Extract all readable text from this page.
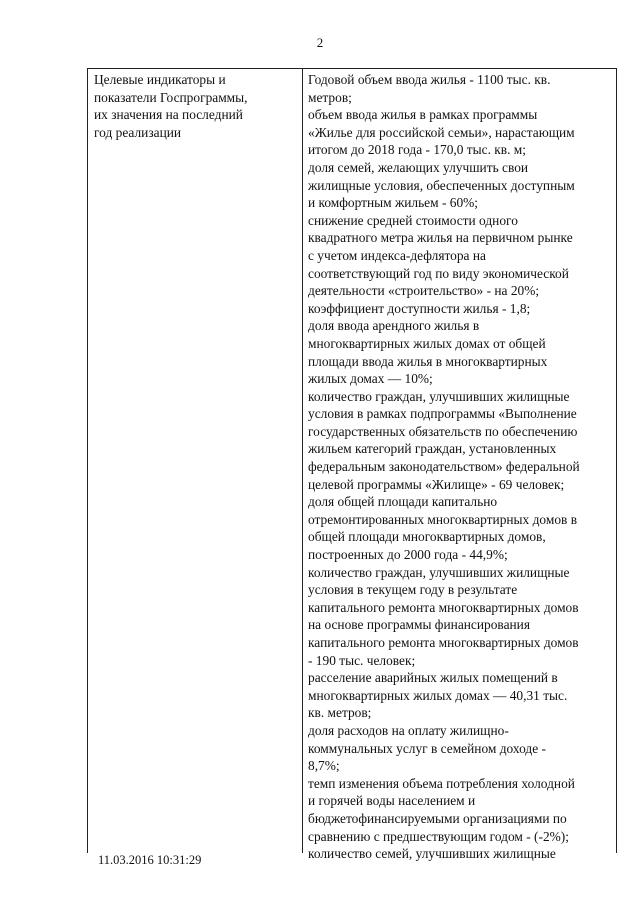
2
Целевые индикаторы и
показатели Госпрограммы,
их значения на последний
год реализации
Годовой объем ввода жилья - 1100 тыс. кв.
метров;
объем ввода жилья в рамках программы
«Жилье для российской семьи», нарастающим
итогом до 2018 года - 170,0 тыс. кв. м;
доля семей, желающих улучшить свои
жилищные условия, обеспеченных доступным
и комфортным жильем - 60%;
снижение средней стоимости одного
квадратного метра жилья на первичном рынке
с учетом индекса-дефлятора на
соответствующий год по виду экономической
деятельности «строительство» - на 20%;
коэффициент доступности жилья - 1,8;
доля ввода арендного жилья в
многоквартирных жилых домах от общей
площади ввода жилья в многоквартирных
жилых домах — 10%;
количество граждан, улучшивших жилищные
условия в рамках подпрограммы «Выполнение
государственных обязательств по обеспечению
жильем категорий граждан, установленных
федеральным законодательством» федеральной
целевой программы «Жилище» - 69 человек;
доля общей площади капитально
отремонтированных многоквартирных домов в
общей площади многоквартирных домов,
построенных до 2000 года - 44,9%;
количество граждан, улучшивших жилищные
условия в текущем году в результате
капитального ремонта многоквартирных домов
на основе программы финансирования
капитального ремонта многоквартирных домов
- 190 тыс. человек;
расселение аварийных жилых помещений в
многоквартирных жилых домах — 40,31 тыс.
кв. метров;
доля расходов на оплату жилищно-
коммунальных услуг в семейном доходе -
8,7%;
темп изменения объема потребления холодной
и горячей воды населением и
бюджетофинансируемыми организациями по
сравнению с предшествующим годом - (-2%);
количество семей, улучшивших жилищные
11.03.2016 10:31:29
